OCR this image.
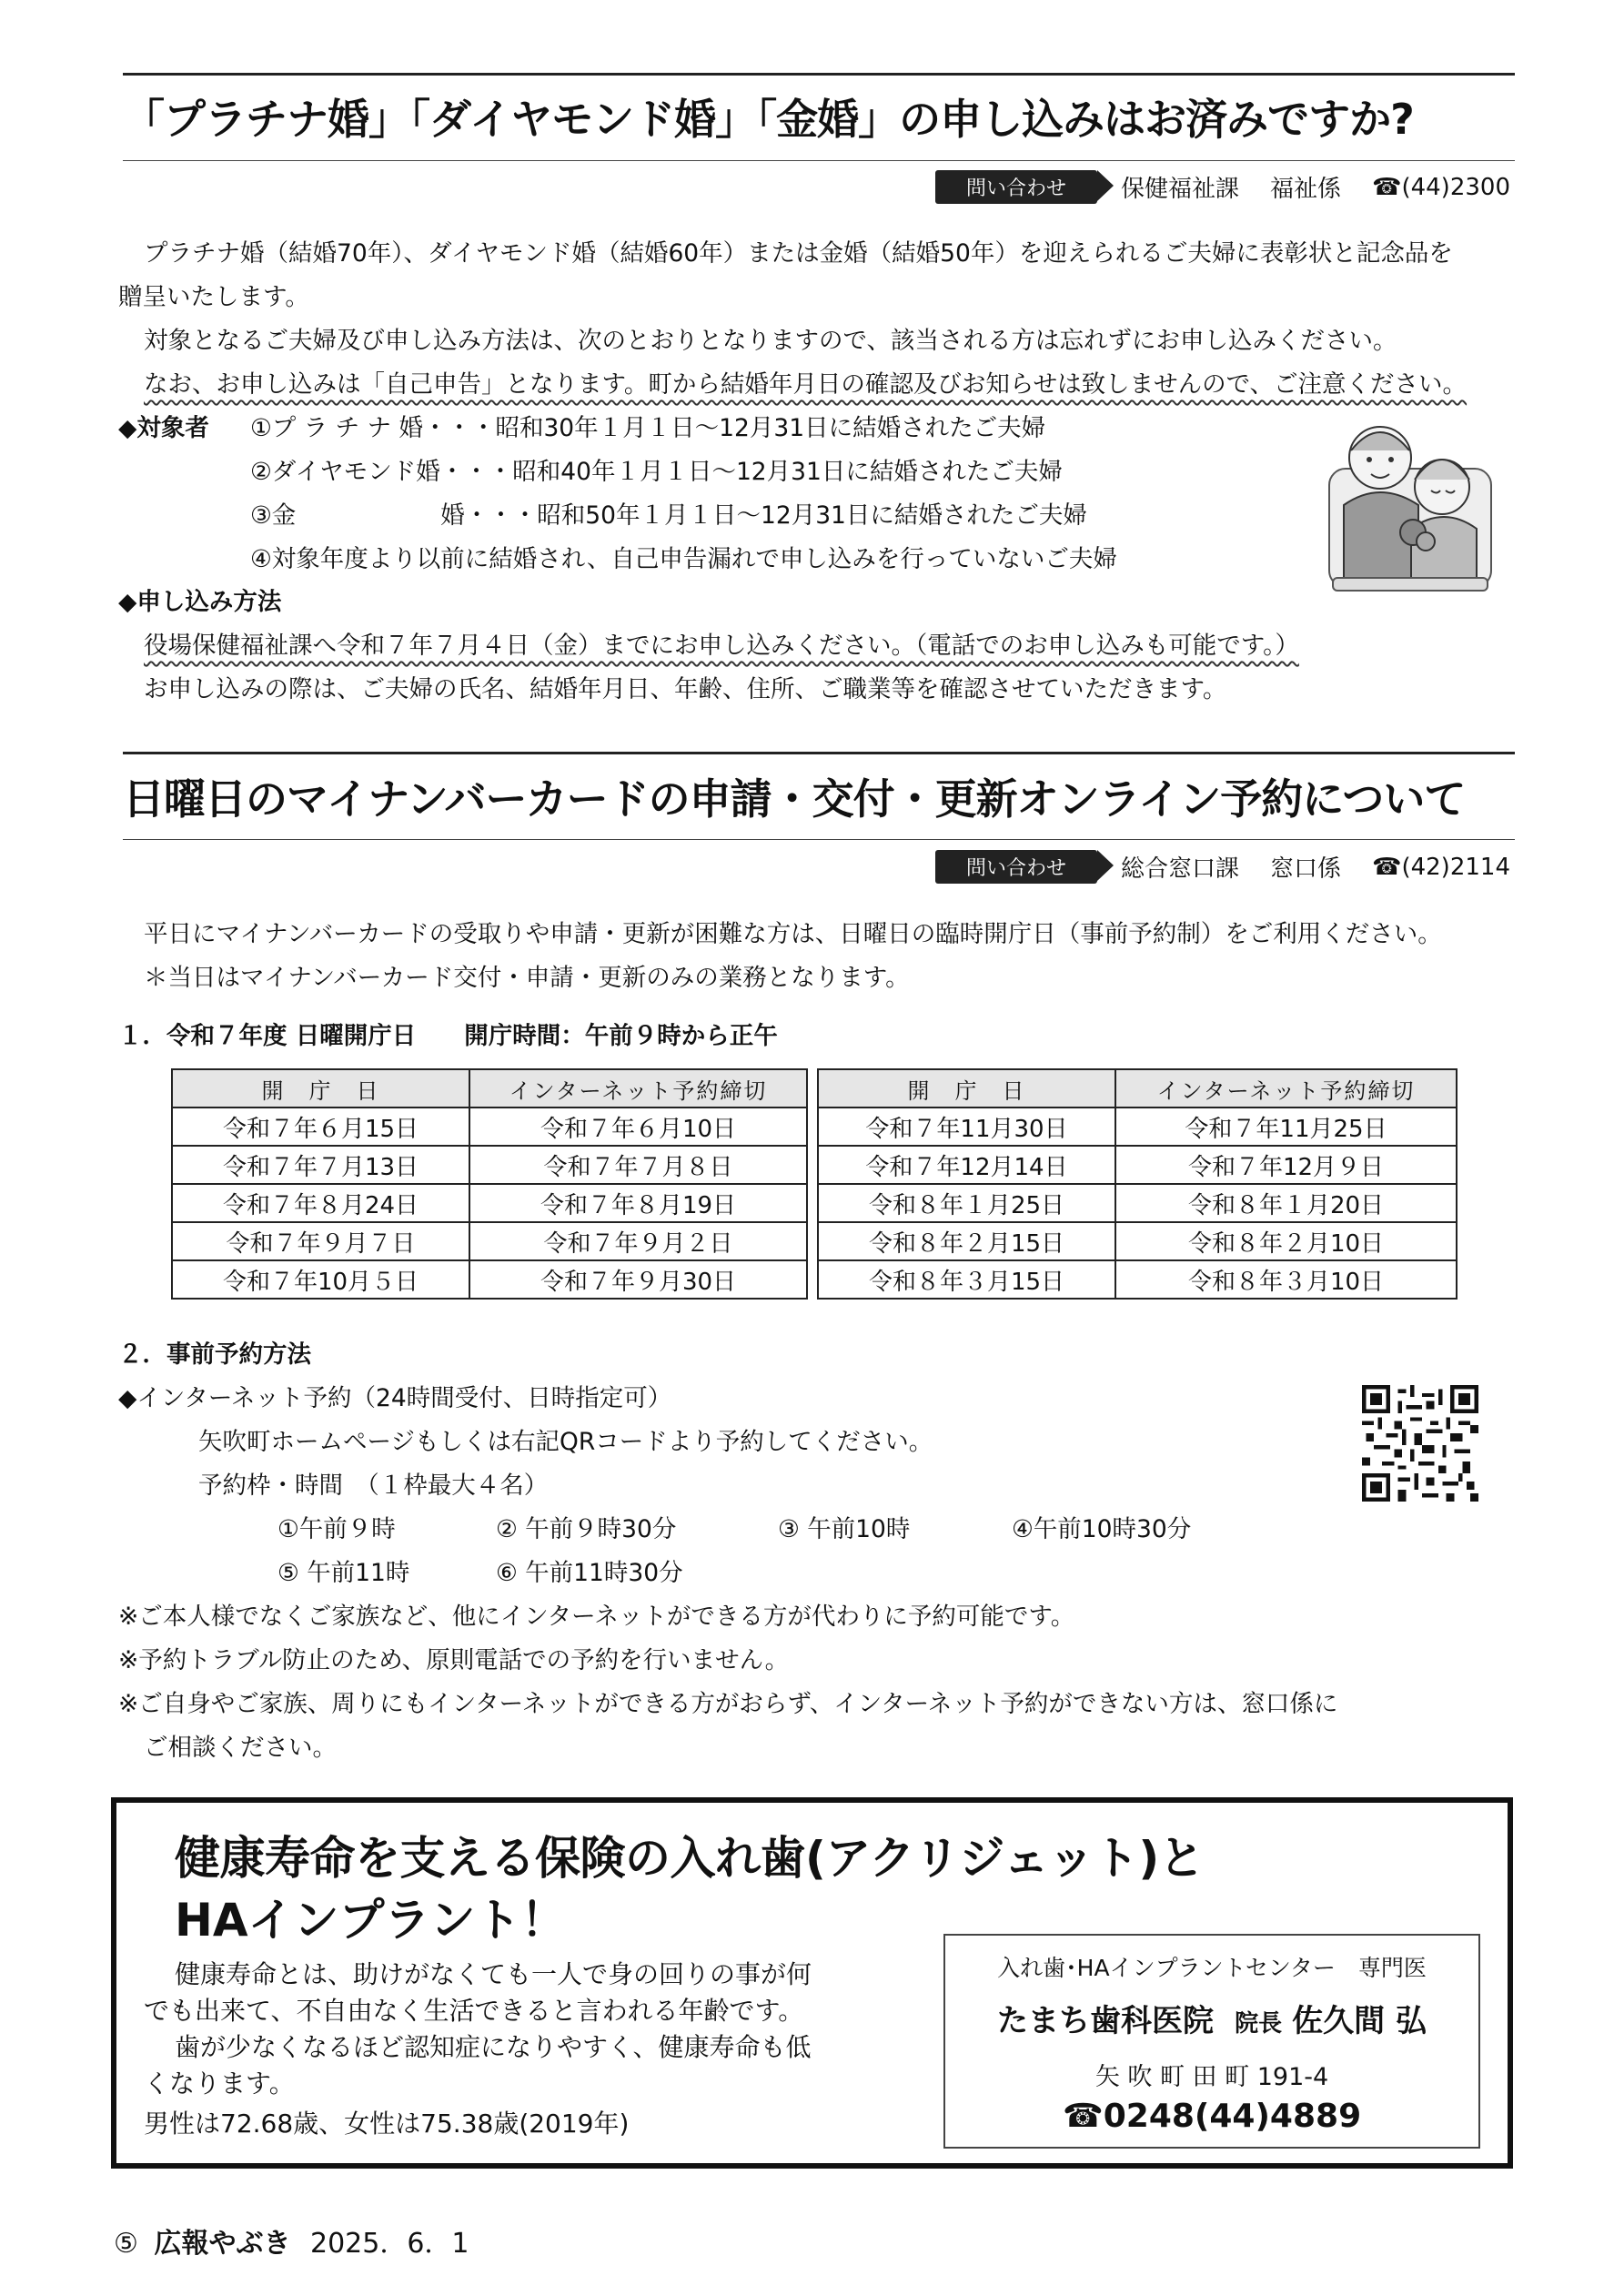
「プラチナ婚」「ダイヤモンド婚」「金婚」の申し込みはお済みですか?
問い合わせ	保健福祉課 福祉係 ☎(44)2300
プラチナ婚（結婚70年）、ダイヤモンド婚（結婚60年）または金婚（結婚50年）を迎えられるご夫婦に表彰状と記念品を
贈呈いたします。
対象となるご夫婦及び申し込み方法は、次のとおりとなりますので、該当される方は忘れずにお申し込みください。
なお、お申し込みは「自己申告」となります。町から結婚年月日の確認及びお知らせは致しませんので、ご注意ください。
◆対象者 ①プ ラ チ ナ 婚・・・昭和30年１月１日～12月31日に結婚されたご夫婦
②ダイヤモンド婚・・・昭和40年１月１日～12月31日に結婚されたご夫婦
③金　　　　　　婚・・・昭和50年１月１日～12月31日に結婚されたご夫婦
④対象年度より以前に結婚され、自己申告漏れで申し込みを行っていないご夫婦
◆申し込み方法
役場保健福祉課へ令和７年７月４日（金）までにお申し込みください。（電話でのお申し込みも可能です。）
お申し込みの際は、ご夫婦の氏名、結婚年月日、年齢、住所、ご職業等を確認させていただきます。
日曜日のマイナンバーカードの申請・交付・更新オンライン予約について
問い合わせ	総合窓口課 窓口係 ☎(42)2114
平日にマイナンバーカードの受取りや申請・更新が困難な方は、日曜日の臨時開庁日（事前予約制）をご利用ください。
＊当日はマイナンバーカード交付・申請・更新のみの業務となります。
１．令和７年度 日曜開庁日　　開庁時間：午前９時から正午
開　庁　日	インターネット予約締切
令和７年６月15日	令和７年６月10日
令和７年７月13日	令和７年７月８日
令和７年８月24日	令和７年８月19日
令和７年９月７日	令和７年９月２日
令和７年10月５日	令和７年９月30日
開　庁　日	インターネット予約締切
令和７年11月30日	令和７年11月25日
令和７年12月14日	令和７年12月９日
令和８年１月25日	令和８年１月20日
令和８年２月15日	令和８年２月10日
令和８年３月15日	令和８年３月10日
２．事前予約方法
◆インターネット予約（24時間受付、日時指定可）
矢吹町ホームページもしくは右記QRコードより予約してください。
予約枠・時間　（１枠最大４名）
①午前９時	② 午前９時30分	③ 午前10時	④午前10時30分
⑤ 午前11時	⑥ 午前11時30分
※ご本人様でなくご家族など、他にインターネットができる方が代わりに予約可能です。
※予約トラブル防止のため、原則電話での予約を行いません。
※ご自身やご家族、周りにもインターネットができる方がおらず、インターネット予約ができない方は、窓口係に
ご相談ください。
健康寿命を支える保険の入れ歯(アクリジェット)と
HAインプラント！
健康寿命とは、助けがなくても一人で身の回りの事が何
でも出来て、不自由なく生活できると言われる年齢です。
歯が少なくなるほど認知症になりやすく、健康寿命も低
くなります。
男性は72.68歳、女性は75.38歳(2019年)
入れ歯･HAインプラントセンター　専門医
たまち歯科医院 院長 佐久間 弘
矢 吹 町 田 町 191-4
☎0248(44)4889
⑤ 広報やぶき 2025．6．1
